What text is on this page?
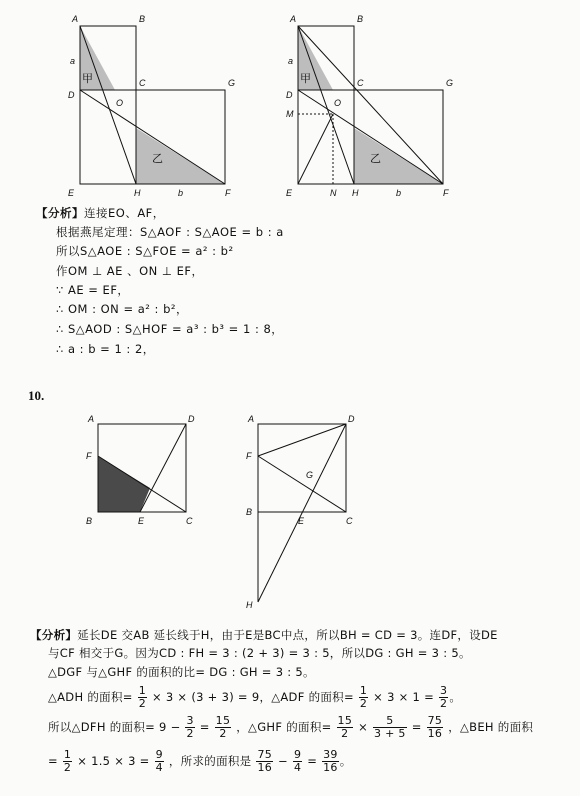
A	B
C	G
D
O
E	H	F
a
b
甲
乙
A	B
C	G
D
M
O
E	N H	F
a
b
甲
乙
【分析】连接EO、AF，
根据燕尾定理：S△AOF : S△AOE = b : a
所以S△AOE : S△FOE = a² : b²
作OM ⊥ AE 、ON ⊥ EF，
∵ AE = EF，
∴ OM : ON = a² : b²，
∴ S△AOD : S△HOF = a³ : b³ = 1 : 8，
∴ a : b = 1 : 2，
10.
A	D
F
B	E	C
A	D
F
G
B
E	C
H
【分析】延长DE 交AB 延长线于H，由于E是BC中点，所以BH = CD = 3。连DF，设DE
与CF 相交于G。因为CD : FH = 3 : (2 + 3) = 3 : 5，所以DG : GH = 3 : 5。
△DGF 与△GHF 的面积的比= DG : GH = 3 : 5。
△ADH 的面积= $\frac{1}{2} \times 3 \times (3 + 3) = 9$，△ADF 的面积= $\frac{1}{2} \times 3 \times 1 = \frac{3}{2}$ 。
所以△DFH 的面积= $9 - \frac{3}{2} = \frac{15}{2}$ ，△GHF 的面积= $\frac{15}{2} \times \frac{5}{3 + 5} = \frac{75}{16}$ ，△BEH 的面积
= $\frac{1}{2} \times 1.5 \times 3 = \frac{9}{4}$ ，所求的面积是 $\frac{75}{16} - \frac{9}{4} = \frac{39}{16}$ 。
